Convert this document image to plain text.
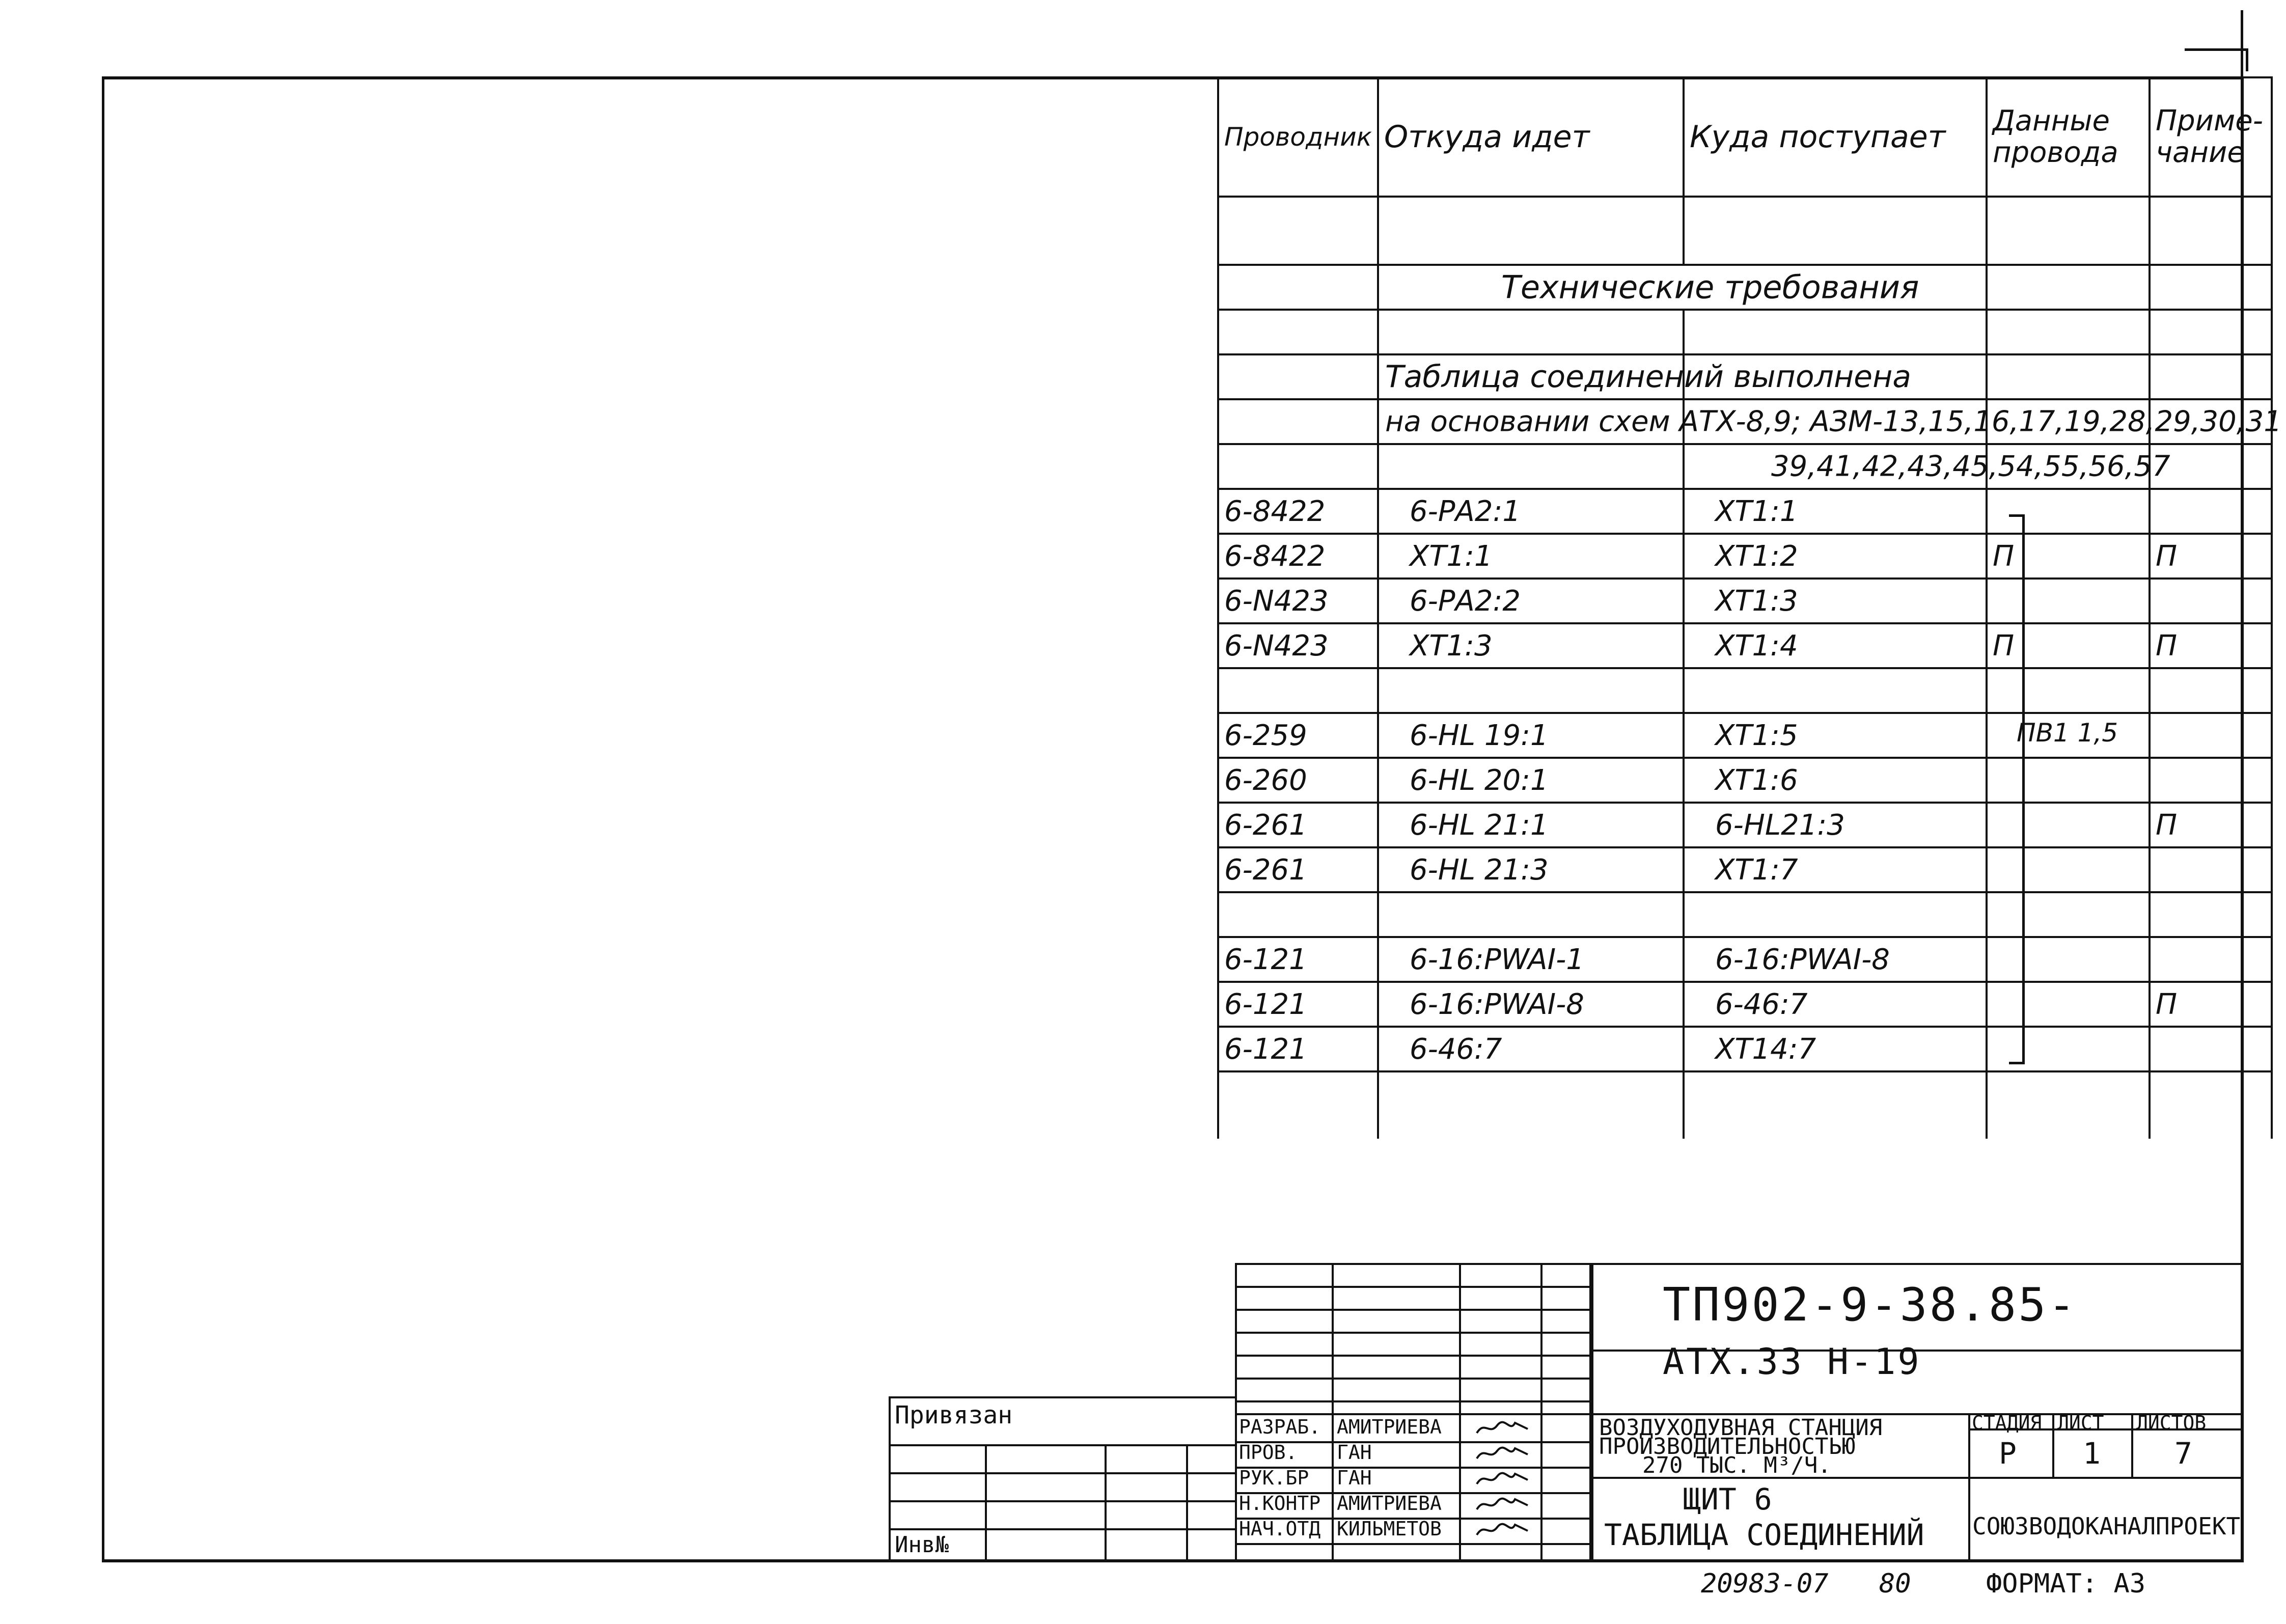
Проводник	Откуда идет	Куда поступает	Данные провода	Приме-чание

	Технические требования			

	Таблица соединений выполнена			

	на основании схем АТХ-8,9; АЗМ-13,15,16,17,19,28,29,30,31			

		39,41,42,43,45,54,55,56,57		

6-8422	6-РА2:1	ХТ1:1		
6-8422	ХТ1:1	ХТ1:2	П	П
6-N423	6-РА2:2	ХТ1:3		
6-N423	ХТ1:3	ХТ1:4	П	П

6-259	6-HL 19:1	ХТ1:5		
6-260	6-HL 20:1	ХТ1:6		
6-261	6-HL 21:1	6-HL21:3		П
6-261	6-HL 21:3	ХТ1:7		

6-121	6-16:PWAI-1	6-16:PWAI-8		
6-121	6-16:PWAI-8	6-46:7		П
6-121	6-46:7	ХТ14:7		

ПВ1 1,5
ТП902-9-38.85- АТХ.33 Н-19
РАЗРАБ. АМИТРИЕВА
ПРОВ. ГАН
РУК.БР ГАН
Н.КОНТР АМИТРИЕВА
НАЧ.ОТД КИЛЬМЕТОВ
ВОЗДУХОДУВНАЯ СТАНЦИЯ
ПРОИЗВОДИТЕЛЬНОСТЬЮ
270 ТЫС. М³/Ч.
ЩИТ 6
ТАБЛИЦА СОЕДИНЕНИЙ
СТАДИЯ ЛИСТ ЛИСТОВ
Р 1	7
СОЮЗВОДОКАНАЛПРОЕКТ
Привязан
Инв№
20983-07 80	ФОРМАТ: А3
